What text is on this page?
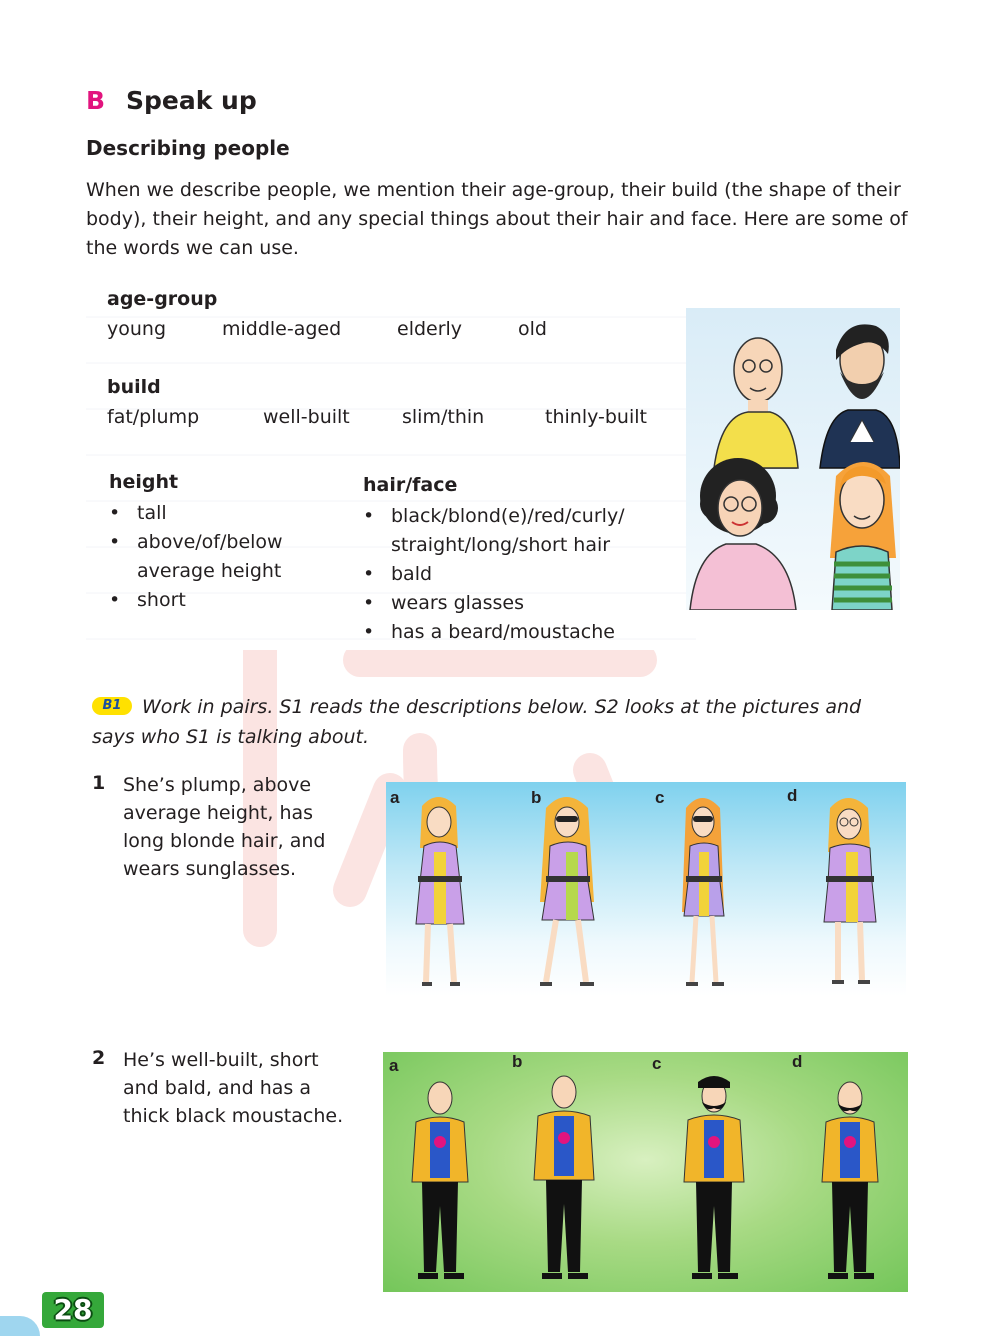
B Speak up
Describing people
When we describe people, we mention their age-group, their build (the shape of their body), their height, and any special things about their hair and face. Here are some of the words we can use.
age-group
young	middle-aged	elderly	old
build
fat/plump	well-built	slim/thin	thinly-built
height
• tall
• above/of/below
average height
• short
hair/face
• black/blond(e)/red/curly/
straight/long/short hair
• bald
• wears glasses
• has a beard/moustache
Work in pairs. S1 reads the descriptions below. S2 looks at the pictures and says who S1 is talking about.
B1
1 She’s plump, above
average height, has
long blonde hair, and
wears sunglasses.
a	b	c	d
2 He’s well-built, short
and bald, and has a
thick black moustache.
a	b	c	d
28
